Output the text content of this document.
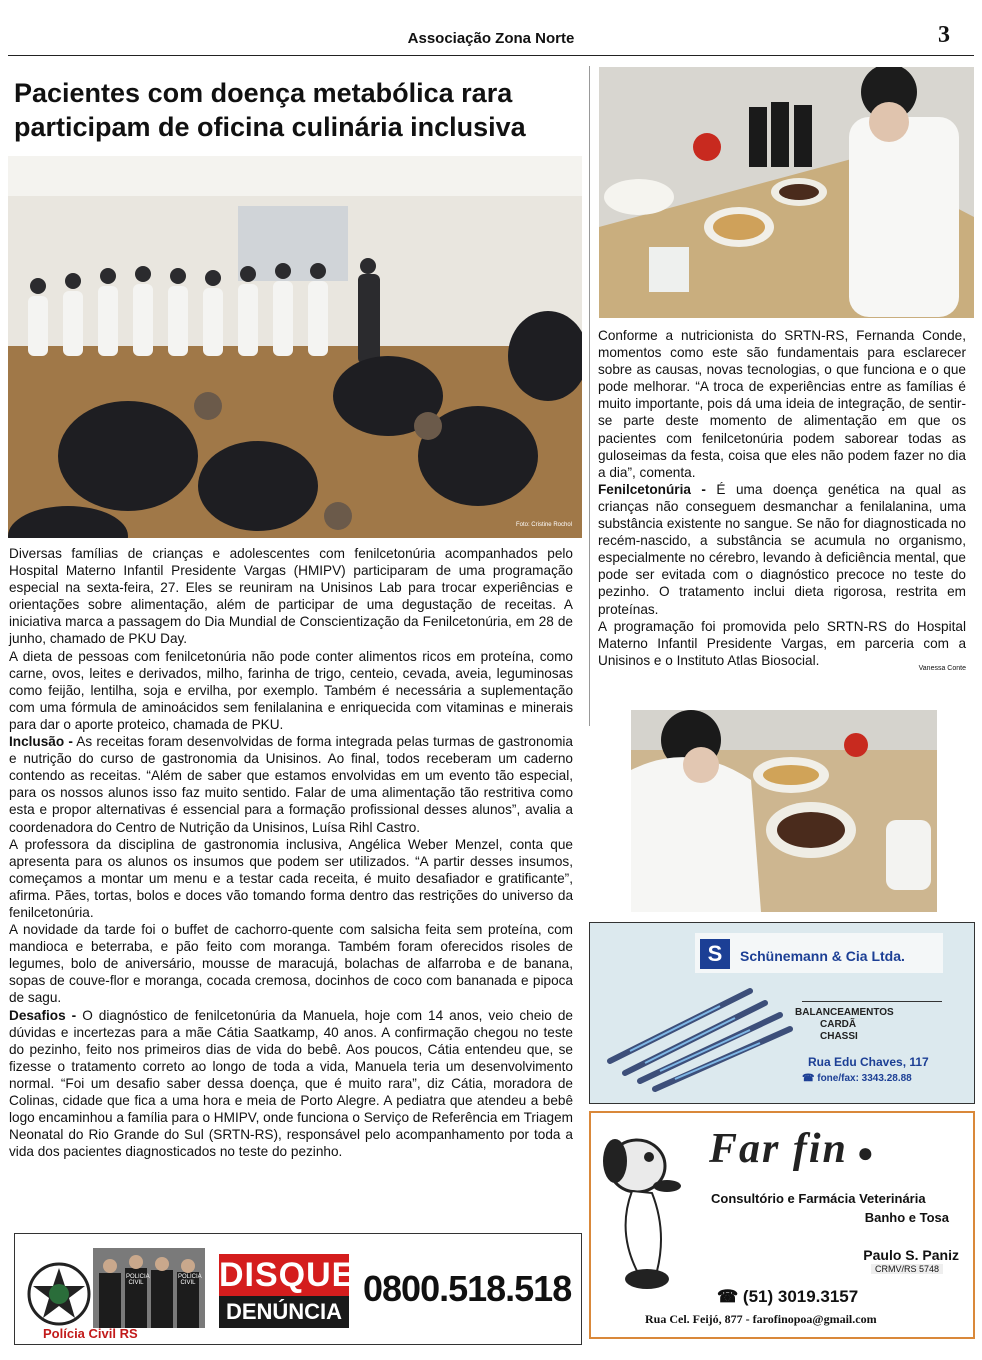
Associação Zona Norte	3
Pacientes com doença metabólica rara participam de oficina culinária inclusiva
Foto: Cristine Rochol

Diversas famílias de crianças e adolescentes com fenilcetonúria acompanhados pelo Hospital Materno Infantil Presidente Vargas (HMIPV) participaram de uma programação especial na sexta-feira, 27. Eles se reuniram na Unisinos Lab para trocar experiências e orientações sobre alimentação, além de participar de uma degustação de receitas. A iniciativa marca a passagem do Dia Mundial de Conscientização da Fenilcetonúria, em 28 de junho, chamado de PKU Day.

A dieta de pessoas com fenilcetonúria não pode conter alimentos ricos em proteína, como carne, ovos, leites e derivados, milho, farinha de trigo, centeio, cevada, aveia, leguminosas como feijão, lentilha, soja e ervilha, por exemplo. Também é necessária a suplementação com uma fórmula de aminoácidos sem fenilalanina e enriquecida com vitaminas e minerais para dar o aporte proteico, chamada de PKU.

Inclusão - As receitas foram desenvolvidas de forma integrada pelas turmas de gastronomia e nutrição do curso de gastronomia da Unisinos. Ao final, todos receberam um caderno contendo as receitas. “Além de saber que estamos envolvidas em um evento tão especial, para os nossos alunos isso faz muito sentido. Falar de uma alimentação tão restritiva como esta e propor alternativas é essencial para a formação profissional desses alunos”, avalia a coordenadora do Centro de Nutrição da Unisinos, Luísa Rihl Castro.

A professora da disciplina de gastronomia inclusiva, Angélica Weber Menzel, conta que apresenta para os alunos os insumos que podem ser utilizados. “A partir desses insumos, começamos a montar um menu e a testar cada receita, é muito desafiador e gratificante”, afirma. Pães, tortas, bolos e doces vão tomando forma dentro das restrições do universo da fenilcetonúria.

A novidade da tarde foi o buffet de cachorro-quente com salsicha feita sem proteína, com mandioca e beterraba, e pão feito com moranga. Também foram oferecidos risoles de legumes, bolo de aniversário, mousse de maracujá, bolachas de alfarroba e de banana, sopas de couve-flor e moranga, cocada cremosa, docinhos de coco com bananada e pipoca de sagu.

Desafios - O diagnóstico de fenilcetonúria da Manuela, hoje com 14 anos, veio cheio de dúvidas e incertezas para a mãe Cátia Saatkamp, 40 anos. A confirmação chegou no teste do pezinho, feito nos primeiros dias de vida do bebê. Aos poucos, Cátia entendeu que, se fizesse o tratamento correto ao longo de toda a vida, Manuela teria um desenvolvimento normal. “Foi um desafio saber dessa doença, que é muito rara”, diz Cátia, moradora de Colinas, cidade que fica a uma hora e meia de Porto Alegre. A pediatra que atendeu a bebê logo encaminhou a família para o HMIPV, onde funciona o Serviço de Referência em Triagem Neonatal do Rio Grande do Sul (SRTN-RS), responsável pelo acompanhamento por toda a vida dos pacientes diagnosticados no teste do pezinho.

Conforme a nutricionista do SRTN-RS, Fernanda Conde, momentos como este são fundamentais para esclarecer sobre as causas, novas tecnologias, o que funciona e o que pode melhorar. “A troca de experiências entre as famílias é muito importante, pois dá uma ideia de integração, de sentir-se parte deste momento de alimentação em que os pacientes com fenilcetonúria podem saborear todas as guloseimas da festa, coisa que eles não podem fazer no dia a dia”, comenta.

Fenilcetonúria - É uma doença genética na qual as crianças não conseguem desmanchar a fenilalanina, uma substância existente no sangue. Se não for diagnosticada no recém-nascido, a substância se acumula no organismo, especialmente no cérebro, levando à deficiência mental, que pode ser evitada com o diagnóstico precoce no teste do pezinho. O tratamento inclui dieta rigorosa, restrita em proteínas.

A programação foi promovida pelo SRTN-RS do Hospital Materno Infantil Presidente Vargas, em parceria com a Unisinos e o Instituto Atlas Biosocial.
Vanessa Conte

S	Schünemann & Cia Ltda.
BALANCEAMENTOS
CARDÃ
CHASSI
Rua Edu Chaves, 117
☎ fone/fax: 3343.28.88
Far fin ●
Consultório e Farmácia Veterinária
Banho e Tosa
Paulo S. Paniz
CRMV/RS 5748
☎ (51) 3019.3157
Rua Cel. Feijó, 877 - farofinopoa@gmail.com
POLICIA CIVIL
POLICIA CIVIL
Polícia Civil RS
DISQUE
DENÚNCIA
0800.518.518
